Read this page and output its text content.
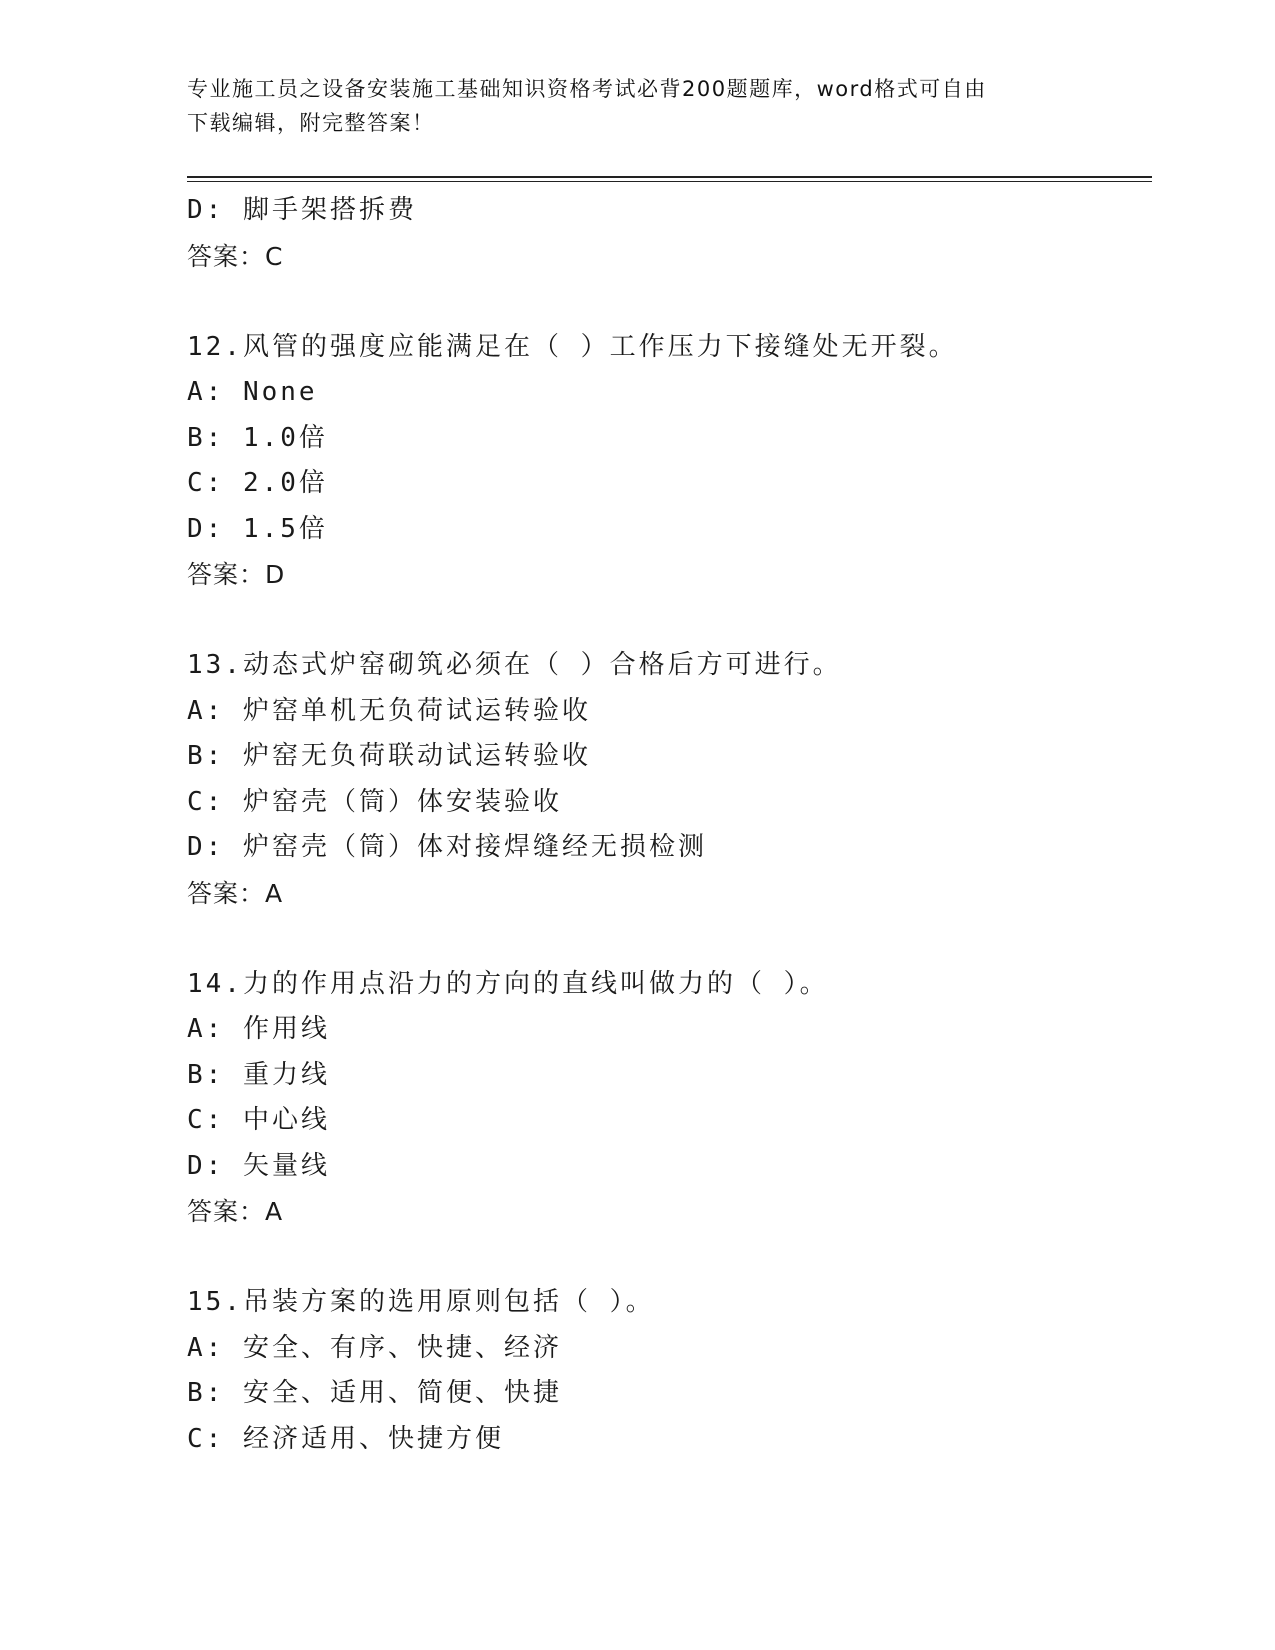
专业施工员之设备安装施工基础知识资格考试必背200题题库，word格式可自由
下载编辑，附完整答案！
D: 脚手架搭拆费
答案：C
12.风管的强度应能满足在（ ）工作压力下接缝处无开裂。
A: None
B: 1.0倍
C: 2.0倍
D: 1.5倍
答案：D
13.动态式炉窑砌筑必须在（ ）合格后方可进行。
A: 炉窑单机无负荷试运转验收
B: 炉窑无负荷联动试运转验收
C: 炉窑壳（筒）体安装验收
D: 炉窑壳（筒）体对接焊缝经无损检测
答案：A
14.力的作用点沿力的方向的直线叫做力的（ ）。
A: 作用线
B: 重力线
C: 中心线
D: 矢量线
答案：A
15.吊装方案的选用原则包括（ ）。
A: 安全、有序、快捷、经济
B: 安全、适用、简便、快捷
C: 经济适用、快捷方便
